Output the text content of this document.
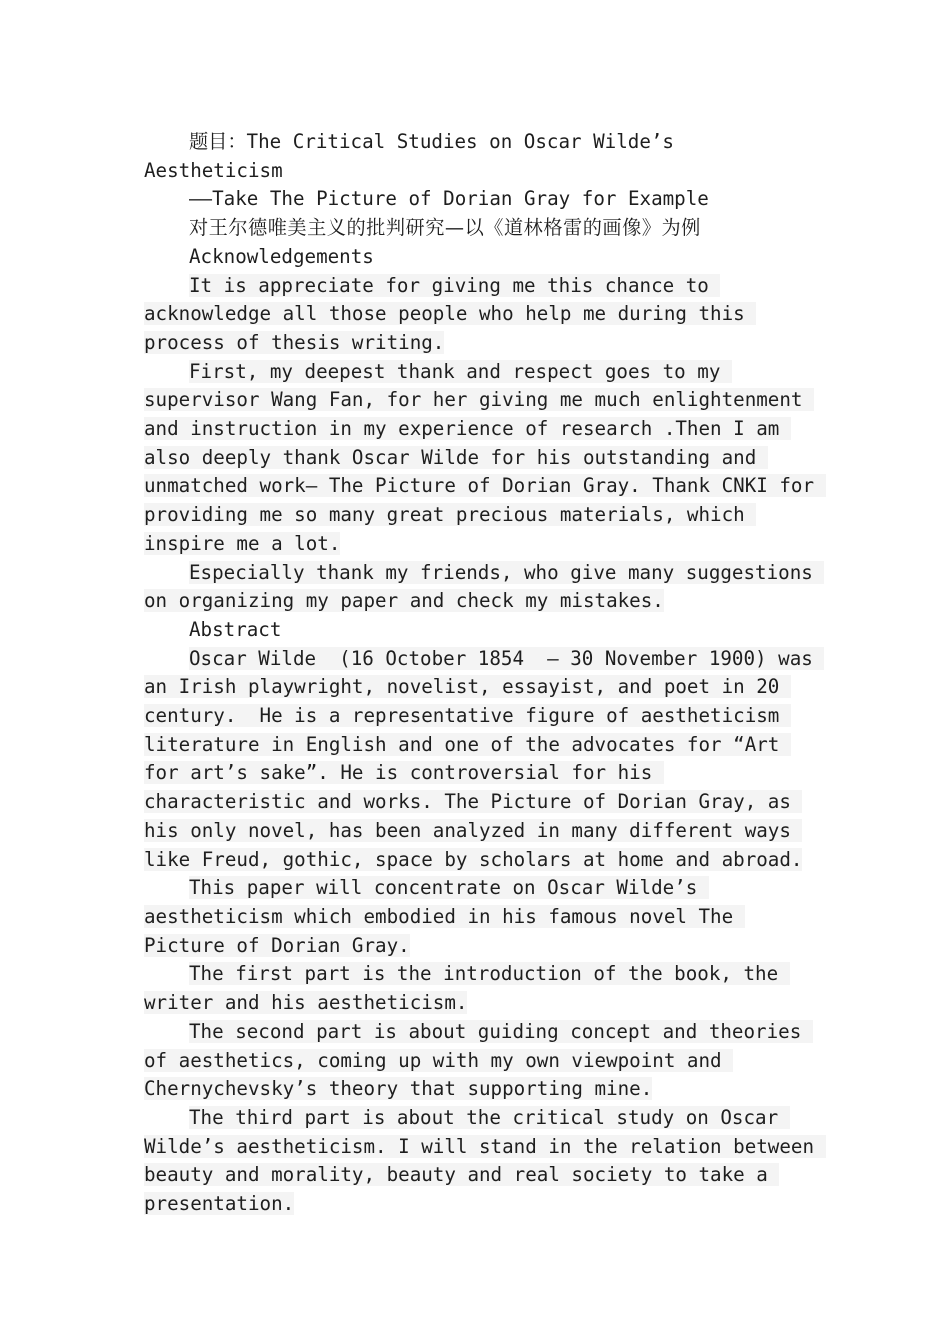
题目：The Critical Studies on Oscar Wilde’s Aestheticism

——Take The Picture of Dorian Gray for Example

对王尔德唯美主义的批判研究—以《道林格雷的画像》为例

Acknowledgements

It is appreciate for giving me this chance to acknowledge all those people who help me during this process of thesis writing.

First, my deepest thank and respect goes to my supervisor Wang Fan, for her giving me much enlightenment and instruction in my experience of research .Then I am also deeply thank Oscar Wilde for his outstanding and unmatched work— The Picture of Dorian Gray. Thank CNKI for providing me so many great precious materials, which inspire me a lot.

Especially thank my friends, who give many suggestions on organizing my paper and check my mistakes.

Abstract

Oscar Wilde  (16 October 1854  – 30 November 1900) was an Irish playwright, novelist, essayist, and poet in 20 century.  He is a representative figure of aestheticism literature in English and one of the advocates for “Art for art’s sake”. He is controversial for his characteristic and works. The Picture of Dorian Gray, as his only novel, has been analyzed in many different ways like Freud, gothic, space by scholars at home and abroad.

This paper will concentrate on Oscar Wilde’s aestheticism which embodied in his famous novel The Picture of Dorian Gray.

The first part is the introduction of the book, the writer and his aestheticism.

The second part is about guiding concept and theories of aesthetics, coming up with my own viewpoint and Chernychevsky’s theory that supporting mine.

The third part is about the critical study on Oscar Wilde’s aestheticism. I will stand in the relation between beauty and morality, beauty and real society to take a presentation.
